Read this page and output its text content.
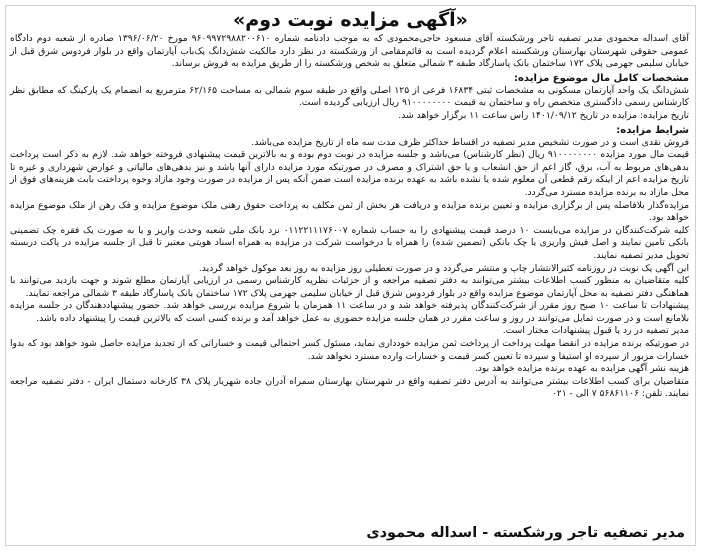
«آگهی مزایده نوبت دوم»

آقای اسداله محمودی مدیر تصفیه تاجر ورشکسته آقای مسعود حاجی‌محمودی که به موجب دادنامه شماره ۹۶۰۹۹۷۲۹۸۸۲۰۰۶۱۰ مورخ ۱۳۹۶/۰۶/۲۰ صادره از شعبه دوم دادگاه عمومی حقوقی شهرستان بهارستان ورشکسته اعلام گردیده است به قائم‌مقامی از ورشکسته در نظر دارد مالکیت شش‌دانگ یک‌باب آپارتمان واقع در بلوار فردوس شرق قبل از خیابان سلیمی جهرمی پلاک ۱۷۲ ساختمان بانک پاسارگاد طبقه ۳ شمالی متعلق به شخص ورشکسته را از طریق مزایده به فروش برساند.

مشخصات کامل مال موضوع مزایده:

شش‌دانگ یک واحد آپارتمان مسکونی به مشخصات ثبتی ۱۶۸۳۴ فرعی از ۱۲۵ اصلی واقع در طبقه سوم شمالی به مساحت ۶۲/۱۶۵ مترمربع به انضمام یک پارکینگ که مطابق نظر کارشناس رسمی دادگستری متخصص راه و ساختمان به قیمت ۹۱۰۰۰۰۰۰۰۰ ریال ارزیابی گردیده است.

تاریخ مزایده: مزایده در تاریخ ۱۴۰۱/۰۹/۱۲ راس ساعت ۱۱ برگزار خواهد شد.

شرایط مزایده:

فروش نقدی است و در صورت تشخیص مدیر تصفیه در اقساط حداکثر ظرف مدت سه ماه از تاریخ مزایده می‌باشد.

قیمت مال مورد مزایده ۹۱۰۰۰۰۰۰۰۰ ریال (نظر کارشناس) می‌باشد و جلسه مزایده در نوبت دوم بوده و به بالاترین قیمت پیشنهادی فروخته خواهد شد. لازم به ذکر است پرداخت بدهی‌های مربوط به آب، برق، گاز اعم از حق انشعاب و یا حق اشتراک و مصرف در صورتیکه مورد مزایده دارای آنها باشد و نیز بدهی‌های مالیاتی و عوارض شهرداری و غیره تا تاریخ مزایده اعم از اینکه رقم قطعی آن معلوم شده یا نشده باشد به عهده برنده مزایده است ضمن آنکه پس از مزایده در صورت وجود مازاد وجوه پرداختت بابت هزینه‌های فوق از محل مازاد به برنده مزایده مسترد می‌گردد.

مزایده‌گذار بلافاصله پس از برگزاری مزایده و تعیین برنده مزایده و دریافت هر بخش از ثمن مکلف به پرداخت حقوق رهنی ملک موضوع مزایده و فک رهن از ملک موضوع مزایده خواهد بود.

کلیه شرکت‌کنندگان در مزایده می‌بایست ۱۰ درصد قیمت پیشنهادی را به حساب شماره ۰۱۱۲۲۱۱۱۷۶۰۰۷ نزد بانک ملی شعبه وحدت واریز و یا به صورت یک فقره چک تضمینی بانکی تامین نمایند و اصل فیش واریزی یا چک بانکی (تضمین شده) را همراه با درخواست شرکت در مزایده به همراه اسناد هویتی معتبر تا قبل از جلسه مزایده در پاکت دربسته تحویل مدیر تصفیه نمایند.

این آگهی یک نوبت در روزنامه کثیرالانتشار چاپ و منتشر می‌گردد و در صورت تعطیلی روز مزایده به روز بعد موکول خواهد گردید.

کلیه متقاضیان به منظور کسب اطلاعات بیشتر می‌توانند به دفتر تصفیه مراجعه و از جزئیات نظریه کارشناس رسمی در ارزیابی آپارتمان مطلع شوند و جهت بازدید می‌توانند با هماهنگی دفتر تصفیه به محل آپارتمان موضوع مزایده واقع در بلوار فردوس شرق قبل از خیابان سلیمی جهرمی پلاک ۱۷۲ ساختمان بانک پاسارگاد طبقه ۳ شمالی مراجعه نمایند.

پیشنهادات تا ساعت ۱۰ صبح روز مقرر از شرکت‌کنندگان پذیرفته خواهد شد و در ساعت ۱۱ همزمان با شروع مزایده بررسی خواهد شد. حضور پیشنهاددهندگان در جلسه مزایده بلامانع است و در صورت تمایل می‌توانند در روز و ساعت مقرر در همان جلسه مزایده حضوری به عمل خواهد آمد و برنده کسی است که بالاترین قیمت را پیشنهاد داده باشد.

مدیر تصفیه در رد یا قبول پیشنهادات مختار است.

در صورتیکه برنده مزایده در انقضا مهلت پرداخت از پرداخت ثمن مزایده خودداری نماید، مسئول کسر احتمالی قیمت و خساراتی که از تجدید مزایده حاصل شود خواهد بود که بدوا خسارات مزبور از سپرده او استیفا و سپرده تا تعیین کسر قیمت و خسارات وارده مسترد نخواهد شد.

هزینه نشر آگهی مزایده به عهده برنده مزایده خواهد بود.

متقاضیان برای کسب اطلاعات بیشتر می‌توانند به آدرس دفتر تصفیه واقع در شهرستان بهارستان سمراه آدران جاده شهریار پلاک ۳۸ کارخانه دستمال ایران - دفتر تصفیه مراجعه نمایند. تلفن: ۵۶۸۶۱۱۰۶ ۷ الی - ۰۲۱

مدیر تصفیه تاجر ورشکسته - اسداله محمودی
